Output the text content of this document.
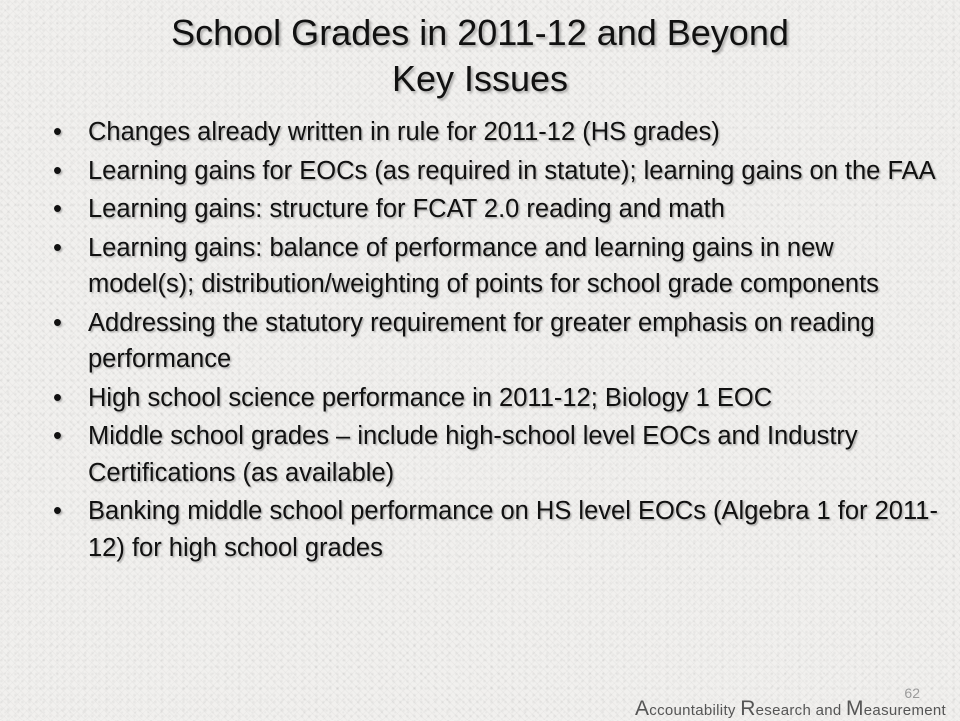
School Grades in 2011-12 and Beyond
Key Issues
• Changes already written in rule for 2011-12 (HS grades)
• Learning gains for EOCs (as required in statute); learning gains on the FAA
• Learning gains: structure for FCAT 2.0 reading and math
• Learning gains: balance of performance and learning gains in new model(s); distribution/weighting of points for school grade components
• Addressing the statutory requirement for greater emphasis on reading performance
• High school science performance in 2011-12; Biology 1 EOC
• Middle school grades – include high-school level EOCs and Industry Certifications (as available)
• Banking middle school performance on HS level EOCs (Algebra 1 for 2011-12) for high school grades
62
Accountability Research and Measurement
